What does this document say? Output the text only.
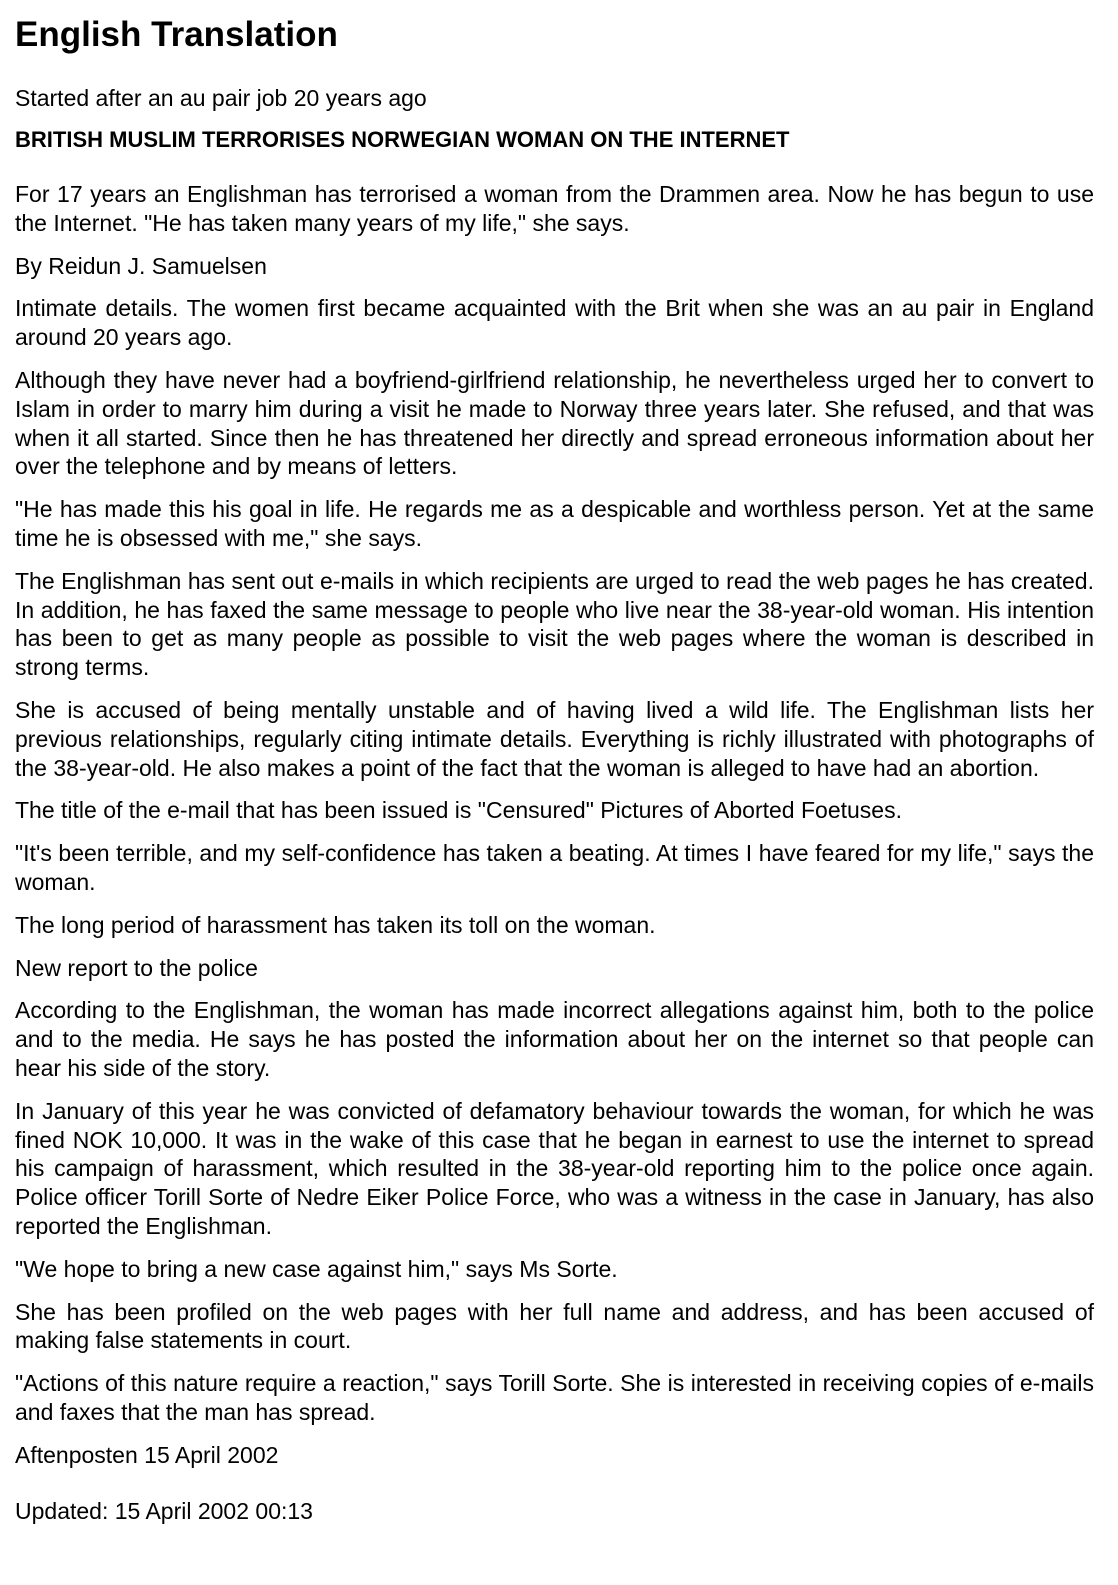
English Translation
Started after an au pair job 20 years ago
BRITISH MUSLIM TERRORISES NORWEGIAN WOMAN ON THE INTERNET

For 17 years an Englishman has terrorised a woman from the Drammen area. Now he has begun to use the Internet. "He has taken many years of my life," she says.

By Reidun J. Samuelsen

Intimate details. The women first became acquainted with the Brit when she was an au pair in England around 20 years ago.

Although they have never had a boyfriend-girlfriend relationship, he nevertheless urged her to convert to Islam in order to marry him during a visit he made to Norway three years later. She refused, and that was when it all started. Since then he has threatened her directly and spread erroneous information about her over the telephone and by means of letters.

"He has made this his goal in life. He regards me as a despicable and worthless person. Yet at the same time he is obsessed with me," she says.

The Englishman has sent out e-mails in which recipients are urged to read the web pages he has created. In addition, he has faxed the same message to people who live near the 38-year-old woman. His intention has been to get as many people as possible to visit the web pages where the woman is described in strong terms.

She is accused of being mentally unstable and of having lived a wild life. The Englishman lists her previous relationships, regularly citing intimate details. Everything is richly illustrated with photographs of the 38-year-old. He also makes a point of the fact that the woman is alleged to have had an abortion.

The title of the e-mail that has been issued is "Censured" Pictures of Aborted Foetuses.

"It's been terrible, and my self-confidence has taken a beating. At times I have feared for my life," says the woman.

The long period of harassment has taken its toll on the woman.

New report to the police

According to the Englishman, the woman has made incorrect allegations against him, both to the police and to the media. He says he has posted the information about her on the internet so that people can hear his side of the story.

In January of this year he was convicted of defamatory behaviour towards the woman, for which he was fined NOK 10,000. It was in the wake of this case that he began in earnest to use the internet to spread his campaign of harassment, which resulted in the 38-year-old reporting him to the police once again. Police officer Torill Sorte of Nedre Eiker Police Force, who was a witness in the case in January, has also reported the Englishman.

"We hope to bring a new case against him," says Ms Sorte.

She has been profiled on the web pages with her full name and address, and has been accused of making false statements in court.

"Actions of this nature require a reaction," says Torill Sorte. She is interested in receiving copies of e-mails and faxes that the man has spread.

Aftenposten 15 April 2002

Updated: 15 April 2002 00:13
